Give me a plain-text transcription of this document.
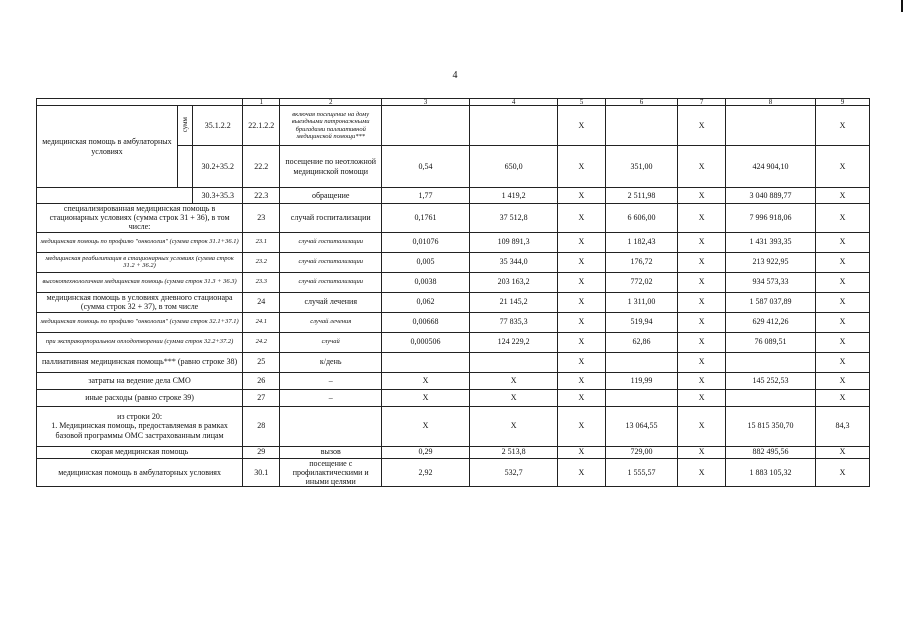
4
			1	2	3	4	5	6	7	8	9
медицинская помощь в амбулаторных условиях	сумм	35.1.2.2	22.1.2.2	включая посещение на дому выездными патронажными бригадами паллиативной медицинской помощи***			X		X		X
		30.2+35.2	22.2	посещение по неотложной медицинской помощи	0,54	650,0	X	351,00	X	424 904,10	X
		30.3+35.3	22.3	обращение	1,77	1 419,2	X	2 511,98	X	3 040 889,77	X
специализированная медицинская помощь в стационарных условиях (сумма строк 31 + 36), в том числе:			23	случай госпитализации	0,1761	37 512,8	X	6 606,00	X	7 996 918,06	X
медицинская помощь по профилю "онкология" (сумма строк 31.1+36.1)			23.1	случай госпитализации	0,01076	109 891,3	X	1 182,43	X	1 431 393,35	X
медицинская реабилитация в стационарных условиях (сумма строк 31.2 + 36.2)			23.2	случай госпитализации	0,005	35 344,0	X	176,72	X	213 922,95	X
высокотехнологичная медицинская помощь (сумма строк 31.3 + 36.3)			23.3	случай госпитализации	0,0038	203 163,2	X	772,02	X	934 573,33	X
медицинская помощь в условиях дневного стационара (сумма строк 32 + 37), в том числе			24	случай лечения	0,062	21 145,2	X	1 311,00	X	1 587 037,89	X
медицинская помощь по профилю "онкология" (сумма строк 32.1+37.1)			24.1	случай лечения	0,00668	77 835,3	X	519,94	X	629 412,26	X
при экстракорпоральном оплодотворении (сумма строк 32.2+37.2)			24.2	случай	0,000506	124 229,2	X	62,86	X	76 089,51	X
паллиативная медицинская помощь*** (равно строке 38)			25	к/день			X		X		X
затраты на ведение дела СМО			26	–	X	X	X	119,99	X	145 252,53	X
иные расходы (равно строке 39)			27	–	X	X	X		X		X
из строки 20:
1. Медицинская помощь, предоставляемая в рамках базовой программы ОМС застрахованным лицам			28		X	X	X	13 064,55	X	15 815 350,70	84,3
скорая медицинская помощь			29	вызов	0,29	2 513,8	X	729,00	X	882 495,56	X
медицинская помощь в амбулаторных условиях			30.1	посещение с профилактическими и иными целями	2,92	532,7	X	1 555,57	X	1 883 105,32	X
